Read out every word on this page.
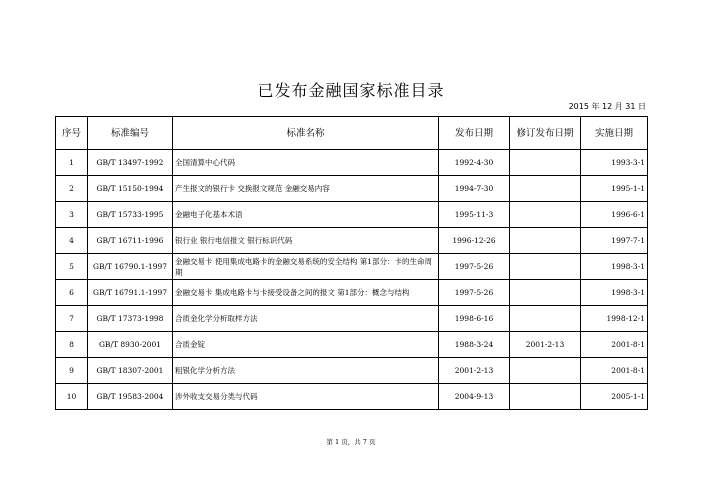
已发布金融国家标准目录
2015 年 12 月 31 日
序号	标准编号	标准名称	发布日期	修订发布日期	实施日期
1	GB/T 13497-1992	全国清算中心代码	1992-4-30		1993-3-1
2	GB/T 15150-1994	产生报文的银行卡 交换报文规范 金融交易内容	1994-7-30		1995-1-1
3	GB/T 15733-1995	金融电子化基本术语	1995-11-3		1996-6-1
4	GB/T 16711-1996	银行业 银行电信报文 银行标识代码	1996-12-26		1997-7-1
5	GB/T 16790.1-1997	金融交易卡 使用集成电路卡的金融交易系统的安全结构 第1部分：卡的生命周期	1997-5-26		1998-3-1
6	GB/T 16791.1-1997	金融交易卡 集成电路卡与卡接受设备之间的报文 第1部分：概念与结构	1997-5-26		1998-3-1
7	GB/T 17373-1998	合质金化学分析取样方法	1998-6-16		1998-12-1
8	GB/T 8930-2001	合质金锭	1988-3-24	2001-2-13	2001-8-1
9	GB/T 18307-2001	粗银化学分析方法	2001-2-13		2001-8-1
10	GB/T 19583-2004	涉外收支交易分类与代码	2004-9-13		2005-1-1
第 1 页，共 7 页
